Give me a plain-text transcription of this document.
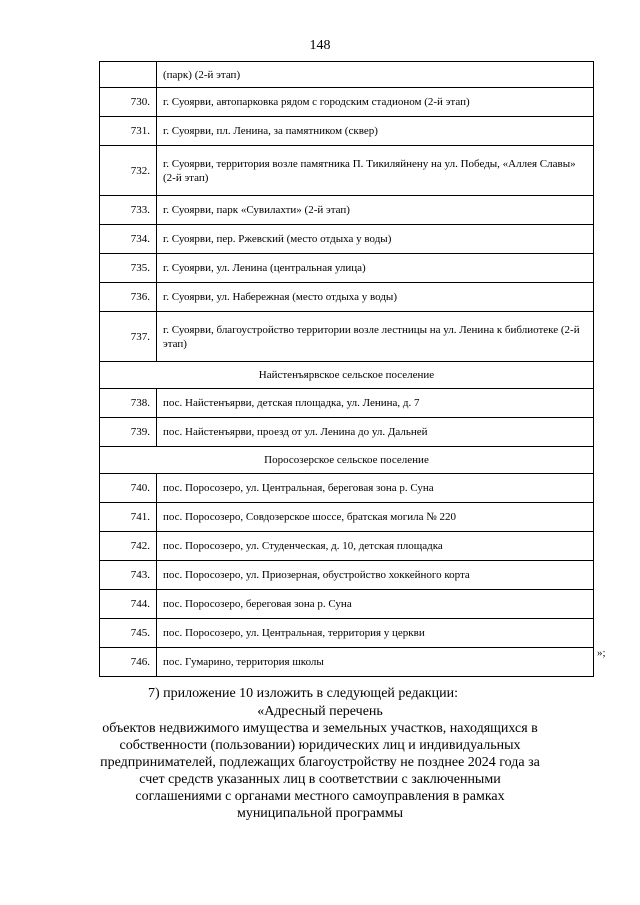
148
	(парк) (2-й этап)
730.	г. Суоярви, автопарковка рядом с городским стадионом (2-й этап)
731.	г. Суоярви, пл. Ленина, за памятником (сквер)
732.	г. Суоярви, территория возле памятника П. Тикиляйнену на ул. Победы, «Аллея Славы» (2-й этап)
733.	г. Суоярви, парк «Сувилахти» (2-й этап)
734.	г. Суоярви, пер. Ржевский (место отдыха у воды)
735.	г. Суоярви, ул. Ленина (центральная улица)
736.	г. Суоярви, ул. Набережная (место отдыха у воды)
737.	г. Суоярви, благоустройство территории возле лестницы на ул. Ленина к библиотеке (2-й этап)
Найстенъярвское сельское поселение	
738.	пос. Найстенъярви, детская площадка, ул. Ленина, д. 7
739.	пос. Найстенъярви, проезд от ул. Ленина до ул. Дальней
Поросозерское сельское поселение	
740.	пос. Поросозеро, ул. Центральная, береговая зона р. Суна
741.	пос. Поросозеро, Совдозерское шоссе, братская могила № 220
742.	пос. Поросозеро, ул. Студенческая, д. 10, детская площадка
743.	пос. Поросозеро, ул. Приозерная, обустройство хоккейного корта
744.	пос. Поросозеро, береговая зона р. Суна
745.	пос. Поросозеро, ул. Центральная, территория у церкви
746.	пос. Гумарино, территория школы
»;
7) приложение 10 изложить в следующей редакции:
«Адресный перечень
объектов недвижимого имущества и земельных участков, находящихся в
собственности (пользовании) юридических лиц и индивидуальных
предпринимателей, подлежащих благоустройству не позднее 2024 года за
счет средств указанных лиц в соответствии с заключенными
соглашениями с органами местного самоуправления в рамках
муниципальной программы
